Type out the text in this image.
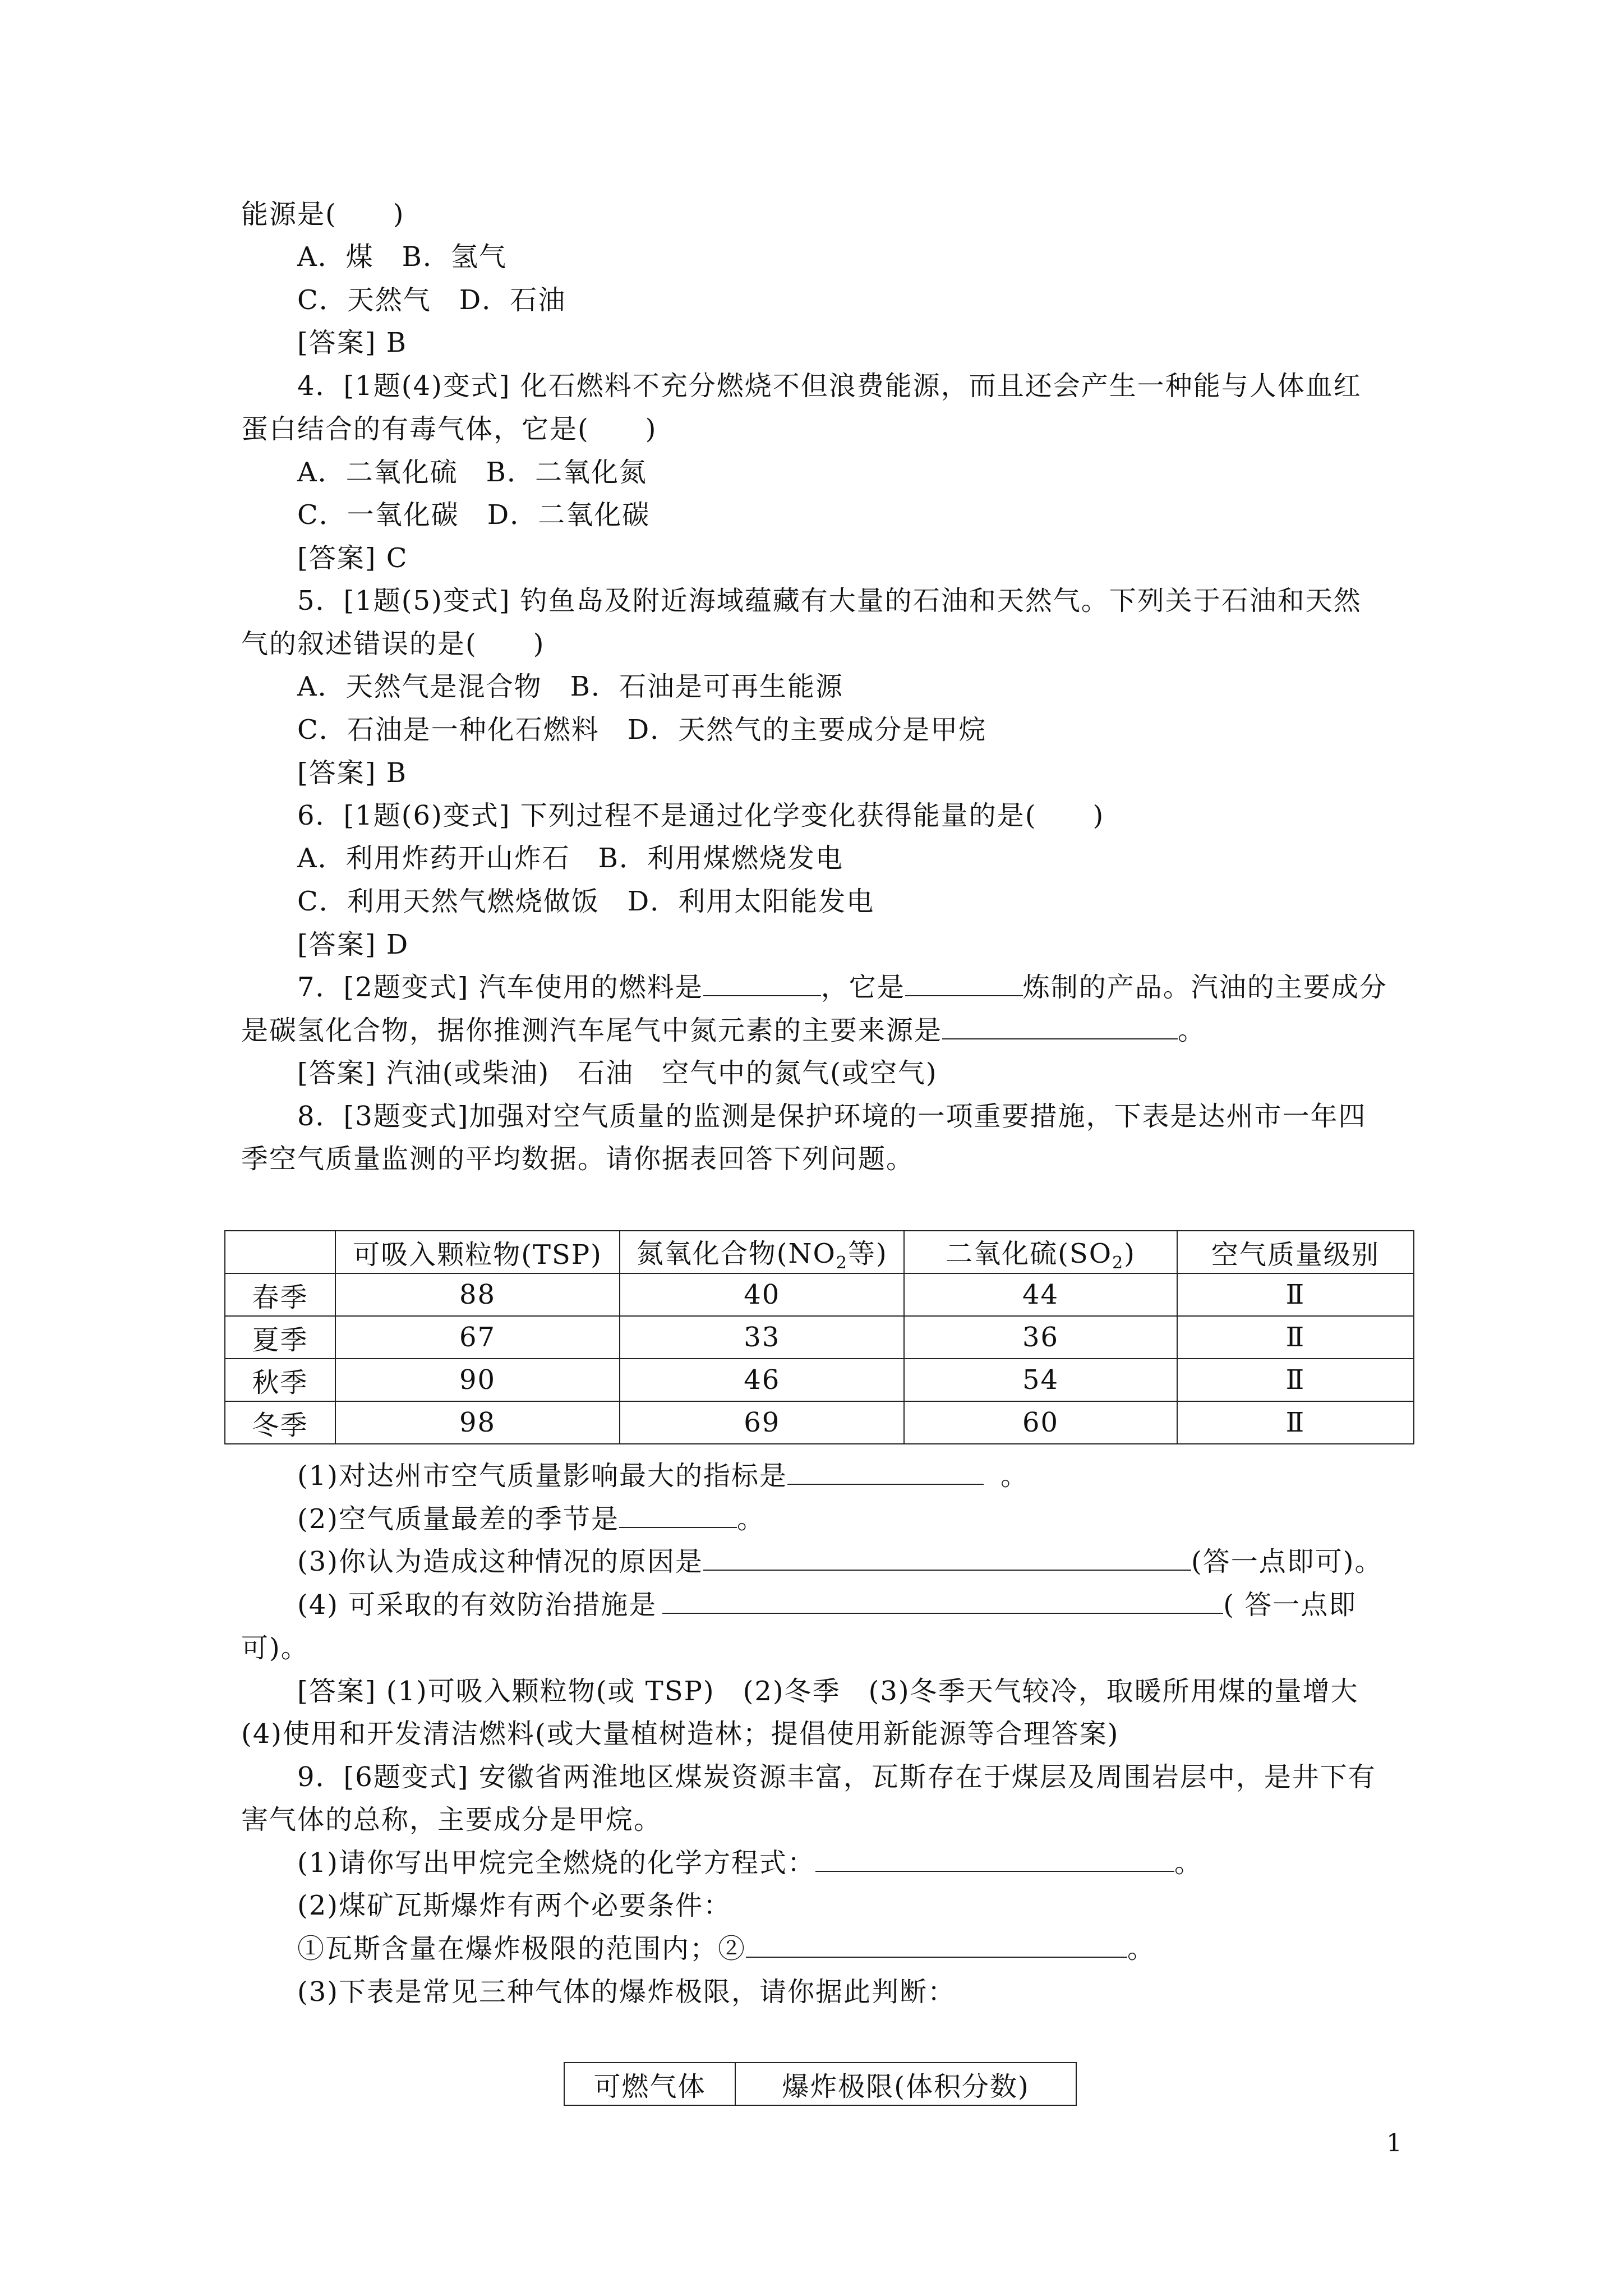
能源是(　　)
A．煤　B．氢气
C．天然气　D．石油
[答案] B
4．[1题(4)变式] 化石燃料不充分燃烧不但浪费能源，而且还会产生一种能与人体血红
蛋白结合的有毒气体，它是(　　)
A．二氧化硫　B．二氧化氮
C．一氧化碳　D．二氧化碳
[答案] C
5．[1题(5)变式] 钓鱼岛及附近海域蕴藏有大量的石油和天然气。下列关于石油和天然
气的叙述错误的是(　　)
A．天然气是混合物　B．石油是可再生能源
C．石油是一种化石燃料　D．天然气的主要成分是甲烷
[答案] B
6．[1题(6)变式] 下列过程不是通过化学变化获得能量的是(　　)
A．利用炸药开山炸石　B．利用煤燃烧发电
C．利用天然气燃烧做饭　D．利用太阳能发电
[答案] D
7．[2题变式] 汽车使用的燃料是	，它是	炼制的产品。汽油的主要成分
是碳氢化合物，据你推测汽车尾气中氮元素的主要来源是	。
[答案] 汽油(或柴油)　石油　空气中的氮气(或空气)
8．[3题变式]加强对空气质量的监测是保护环境的一项重要措施，下表是达州市一年四
季空气质量监测的平均数据。请你据表回答下列问题。
	可吸入颗粒物(TSP)	氮氧化合物($NO_2$等)	二氧化硫$(SO_2)$	空气质量级别
春季	88	40	44	Ⅱ
夏季	67	33	36	Ⅱ
秋季	90	46	54	Ⅱ
冬季	98	69	60	Ⅱ
(1)对达州市空气质量影响最大的指标是	。
(2)空气质量最差的季节是	。
(3)你认为造成这种情况的原因是	(答一点即可)。
(4) 可采取的有效防治措施是	( 答一点即
可)。
[答案] (1)可吸入颗粒物(或 TSP)　(2)冬季　(3)冬季天气较冷，取暖所用煤的量增大
(4)使用和开发清洁燃料(或大量植树造林；提倡使用新能源等合理答案)
9．[6题变式] 安徽省两淮地区煤炭资源丰富，瓦斯存在于煤层及周围岩层中，是井下有
害气体的总称，主要成分是甲烷。
(1)请你写出甲烷完全燃烧的化学方程式：	。
(2)煤矿瓦斯爆炸有两个必要条件：
①瓦斯含量在爆炸极限的范围内；②	。
(3)下表是常见三种气体的爆炸极限，请你据此判断：
可燃气体	爆炸极限(体积分数)
1
